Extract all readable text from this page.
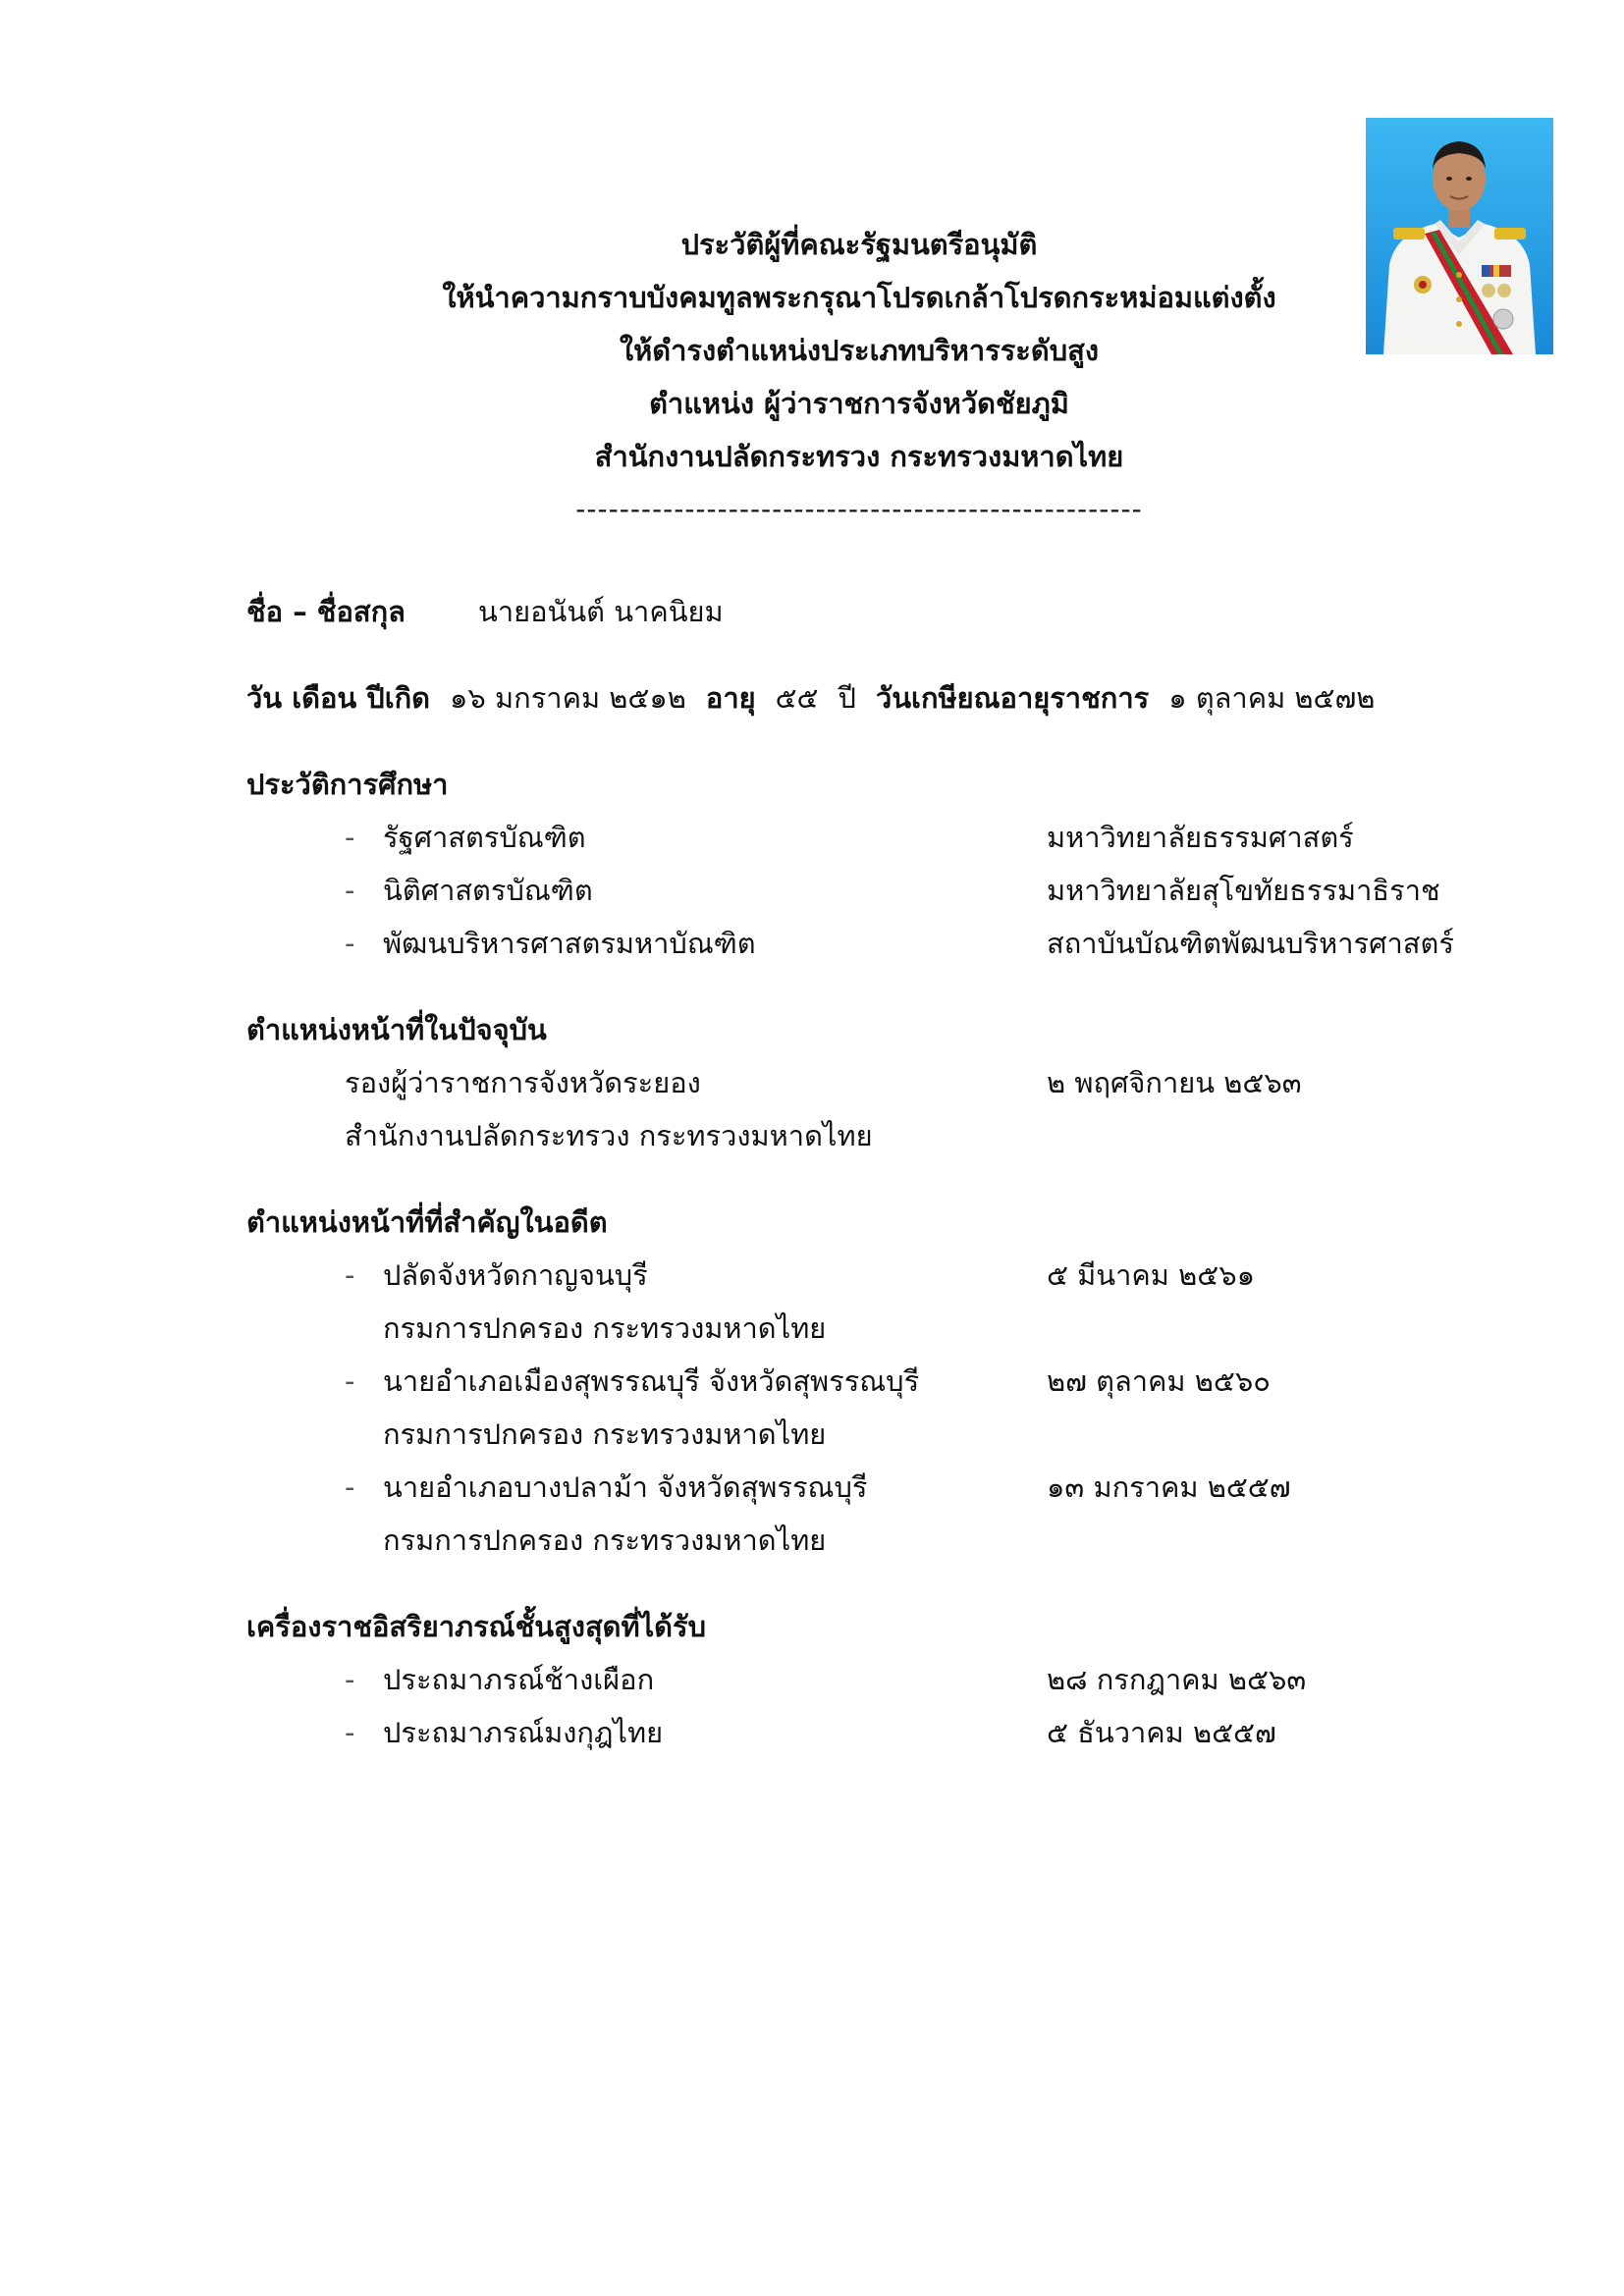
ประวัติผู้ที่คณะรัฐมนตรีอนุมัติ
ให้นำความกราบบังคมทูลพระกรุณาโปรดเกล้าโปรดกระหม่อมแต่งตั้ง
ให้ดำรงตำแหน่งประเภทบริหารระดับสูง
ตำแหน่ง ผู้ว่าราชการจังหวัดชัยภูมิ
สำนักงานปลัดกระทรวง กระทรวงมหาดไทย
----------------------------------------------------
ชื่อ – ชื่อสกุล	นายอนันต์ นาคนิยม
วัน เดือน ปีเกิด ๑๖ มกราคม ๒๕๑๒ อายุ ๕๕ ปี วันเกษียณอายุราชการ ๑ ตุลาคม ๒๕๗๒
ประวัติการศึกษา
- รัฐศาสตรบัณฑิต	มหาวิทยาลัยธรรมศาสตร์
- นิติศาสตรบัณฑิต	มหาวิทยาลัยสุโขทัยธรรมาธิราช
- พัฒนบริหารศาสตรมหาบัณฑิต	สถาบันบัณฑิตพัฒนบริหารศาสตร์
ตำแหน่งหน้าที่ในปัจจุบัน
รองผู้ว่าราชการจังหวัดระยอง	๒ พฤศจิกายน ๒๕๖๓
สำนักงานปลัดกระทรวง กระทรวงมหาดไทย
ตำแหน่งหน้าที่ที่สำคัญในอดีต
- ปลัดจังหวัดกาญจนบุรี	๕ มีนาคม ๒๕๖๑
กรมการปกครอง กระทรวงมหาดไทย
- นายอำเภอเมืองสุพรรณบุรี จังหวัดสุพรรณบุรี	๒๗ ตุลาคม ๒๕๖๐
กรมการปกครอง กระทรวงมหาดไทย
- นายอำเภอบางปลาม้า จังหวัดสุพรรณบุรี	๑๓ มกราคม ๒๕๕๗
กรมการปกครอง กระทรวงมหาดไทย
เครื่องราชอิสริยาภรณ์ชั้นสูงสุดที่ได้รับ
- ประถมาภรณ์ช้างเผือก	๒๘ กรกฎาคม ๒๕๖๓
- ประถมาภรณ์มงกุฎไทย	๕ ธันวาคม ๒๕๕๗
